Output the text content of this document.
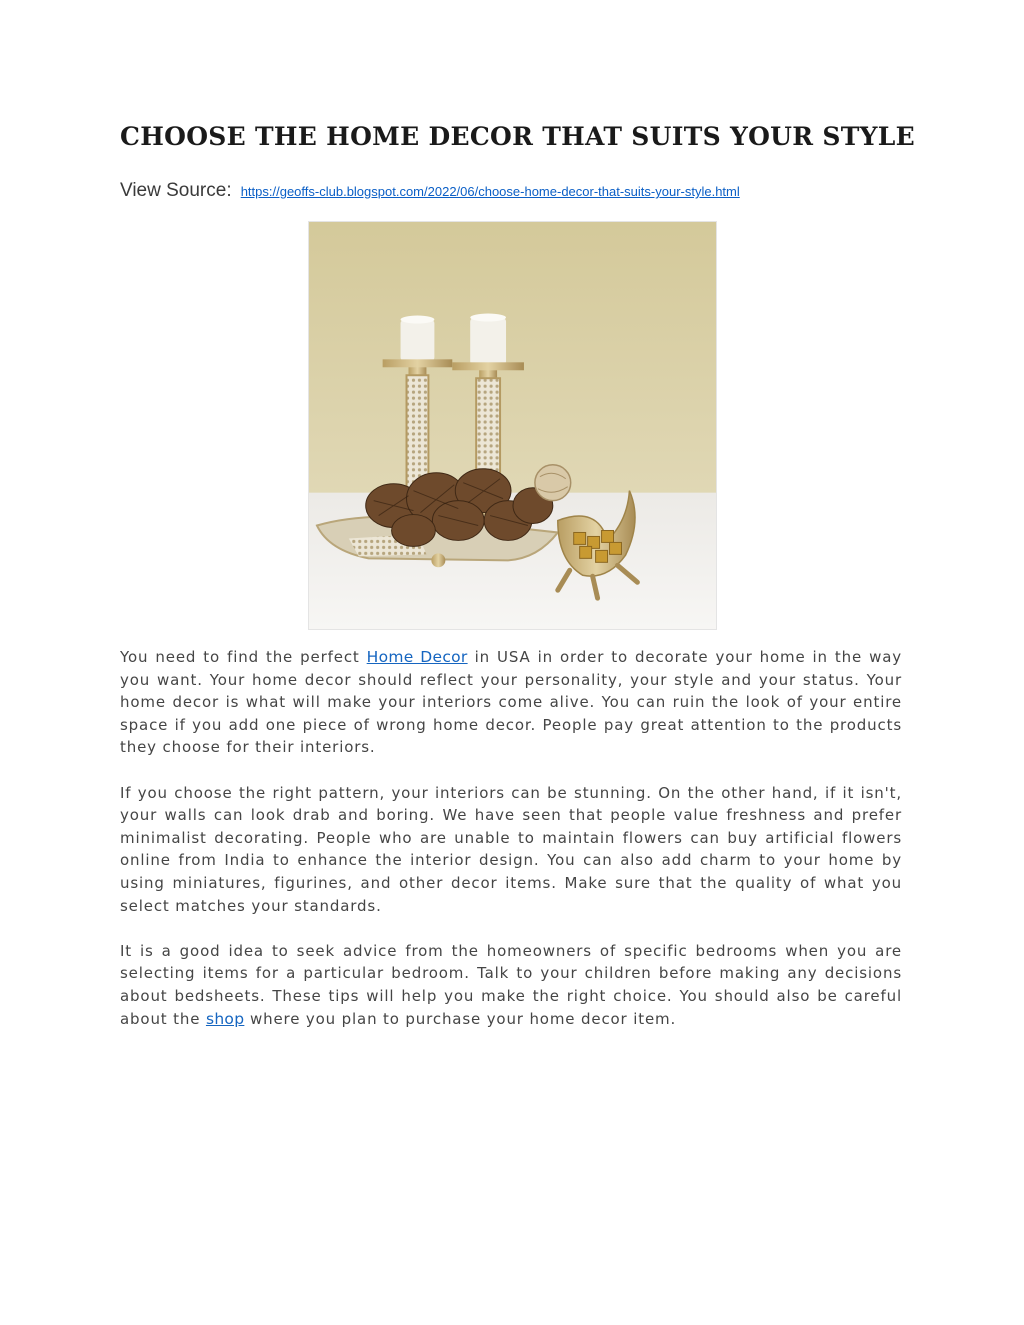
CHOOSE THE HOME DECOR THAT SUITS YOUR STYLE
View Source: https://geoffs-club.blogspot.com/2022/06/choose-home-decor-that-suits-your-style.html

You need to find the perfect Home Decor in USA in order to decorate your home in the way you want. Your home decor should reflect your personality, your style and your status. Your home decor is what will make your interiors come alive. You can ruin the look of your entire space if you add one piece of wrong home decor. People pay great attention to the products they choose for their interiors.

If you choose the right pattern, your interiors can be stunning. On the other hand, if it isn't, your walls can look drab and boring. We have seen that people value freshness and prefer minimalist decorating. People who are unable to maintain flowers can buy artificial flowers online from India to enhance the interior design. You can also add charm to your home by using miniatures, figurines, and other decor items. Make sure that the quality of what you select matches your standards.

It is a good idea to seek advice from the homeowners of specific bedrooms when you are selecting items for a particular bedroom. Talk to your children before making any decisions about bedsheets. These tips will help you make the right choice. You should also be careful about the shop where you plan to purchase your home decor item.
